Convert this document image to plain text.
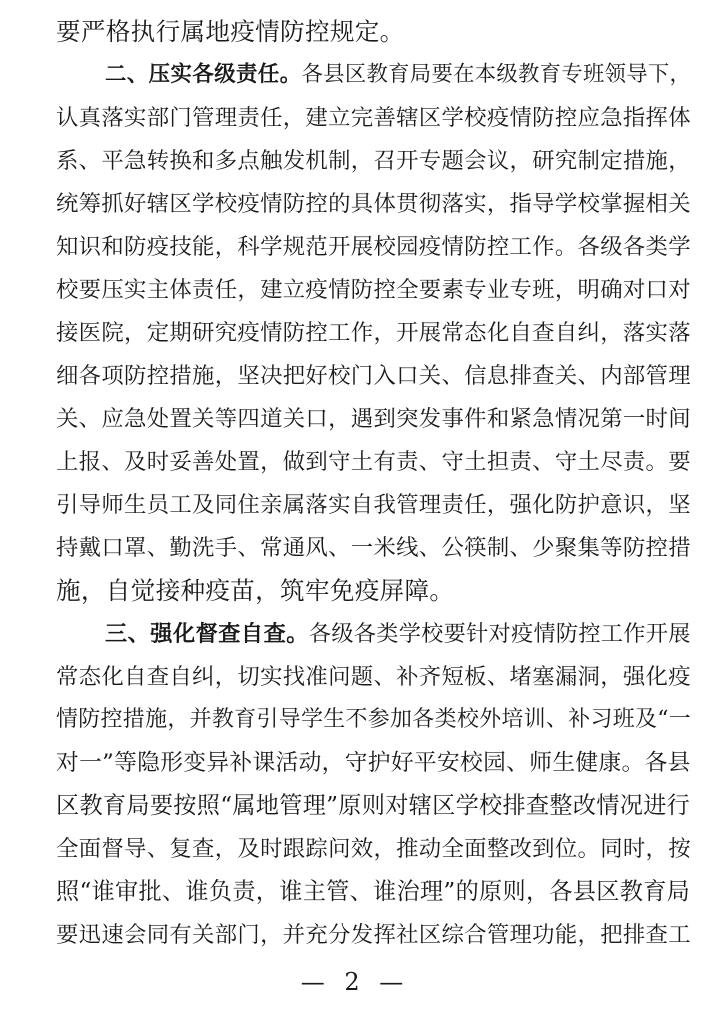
要严格执行属地疫情防控规定。
二、压实各级责任。各县区教育局要在本级教育专班领导下，
认真落实部门管理责任，建立完善辖区学校疫情防控应急指挥体
系、平急转换和多点触发机制，召开专题会议，研究制定措施，
统筹抓好辖区学校疫情防控的具体贯彻落实，指导学校掌握相关
知识和防疫技能，科学规范开展校园疫情防控工作。各级各类学
校要压实主体责任，建立疫情防控全要素专业专班，明确对口对
接医院，定期研究疫情防控工作，开展常态化自查自纠，落实落
细各项防控措施，坚决把好校门入口关、信息排查关、内部管理
关、应急处置关等四道关口，遇到突发事件和紧急情况第一时间
上报、及时妥善处置，做到守土有责、守土担责、守土尽责。要
引导师生员工及同住亲属落实自我管理责任，强化防护意识，坚
持戴口罩、勤洗手、常通风、一米线、公筷制、少聚集等防控措
施，自觉接种疫苗，筑牢免疫屏障。
三、强化督查自查。各级各类学校要针对疫情防控工作开展
常态化自查自纠，切实找准问题、补齐短板、堵塞漏洞，强化疫
情防控措施，并教育引导学生不参加各类校外培训、补习班及“一
对一”等隐形变异补课活动，守护好平安校园、师生健康。各县
区教育局要按照“属地管理”原则对辖区学校排查整改情况进行
全面督导、复查，及时跟踪问效，推动全面整改到位。同时，按
照“谁审批、谁负责，谁主管、谁治理”的原则，各县区教育局
要迅速会同有关部门，并充分发挥社区综合管理功能，把排查工
— 2 —
